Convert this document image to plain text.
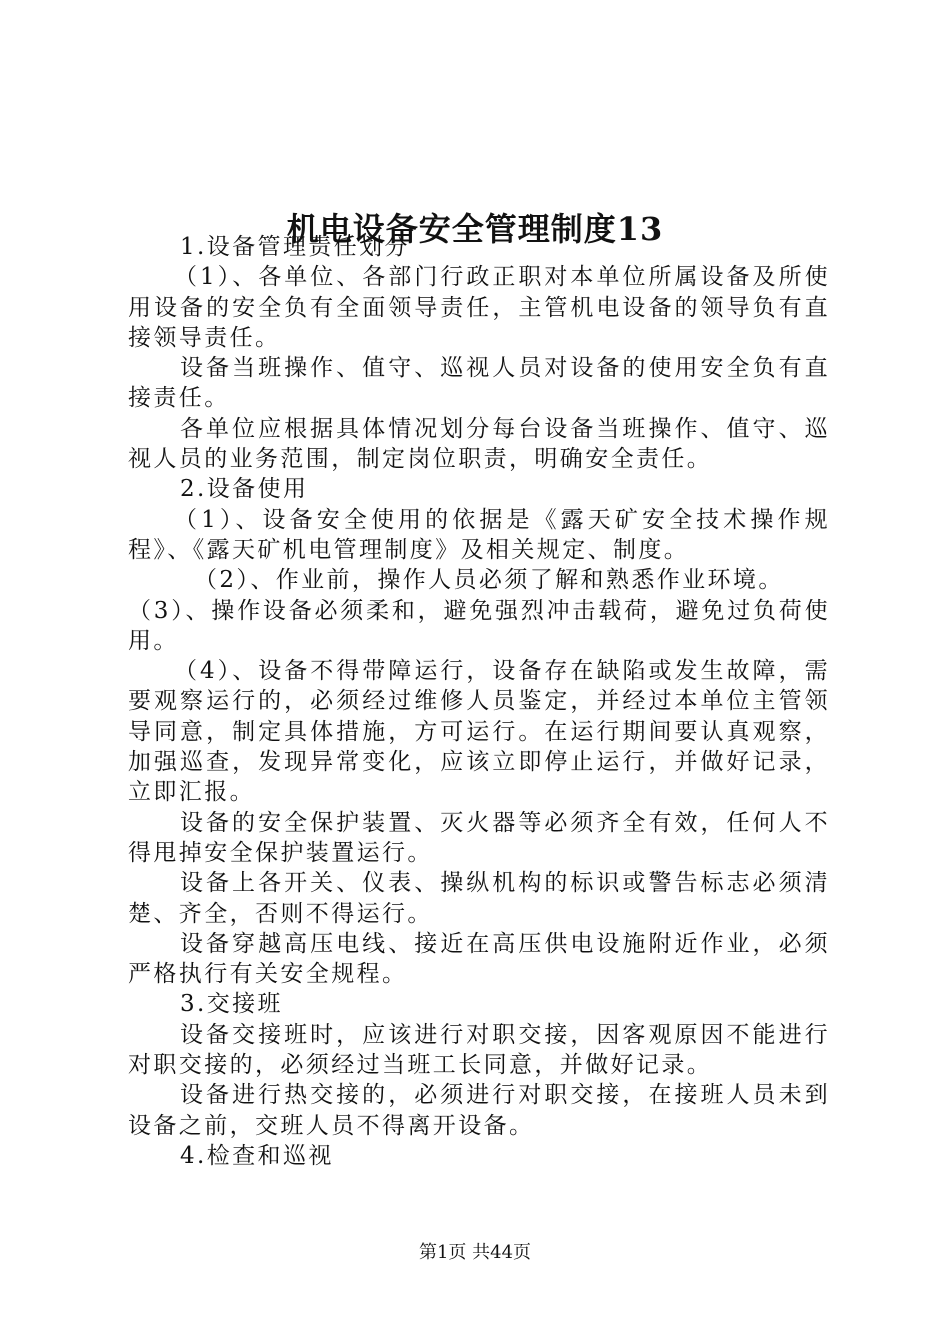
机电设备安全管理制度13

1.设备管理责任划分

（1）、各单位、各部门行政正职对本单位所属设备及所使用设备的安全负有全面领导责任，主管机电设备的领导负有直接领导责任。

设备当班操作、值守、巡视人员对设备的使用安全负有直接责任。

各单位应根据具体情况划分每台设备当班操作、值守、巡视人员的业务范围，制定岗位职责，明确安全责任。

2.设备使用

（1）、设备安全使用的依据是《露天矿安全技术操作规程》、《露天矿机电管理制度》及相关规定、制度。

（2）、作业前，操作人员必须了解和熟悉作业环境。

（3）、操作设备必须柔和，避免强烈冲击载荷，避免过负荷使用。

（4）、设备不得带障运行，设备存在缺陷或发生故障，需要观察运行的，必须经过维修人员鉴定，并经过本单位主管领导同意，制定具体措施，方可运行。在运行期间要认真观察，加强巡查，发现异常变化，应该立即停止运行，并做好记录，立即汇报。

设备的安全保护装置、灭火器等必须齐全有效，任何人不得甩掉安全保护装置运行。

设备上各开关、仪表、操纵机构的标识或警告标志必须清楚、齐全，否则不得运行。

设备穿越高压电线、接近在高压供电设施附近作业，必须严格执行有关安全规程。

3.交接班

设备交接班时，应该进行对职交接，因客观原因不能进行对职交接的，必须经过当班工长同意，并做好记录。

设备进行热交接的，必须进行对职交接，在接班人员未到设备之前，交班人员不得离开设备。

4.检查和巡视

第1页 共44页
